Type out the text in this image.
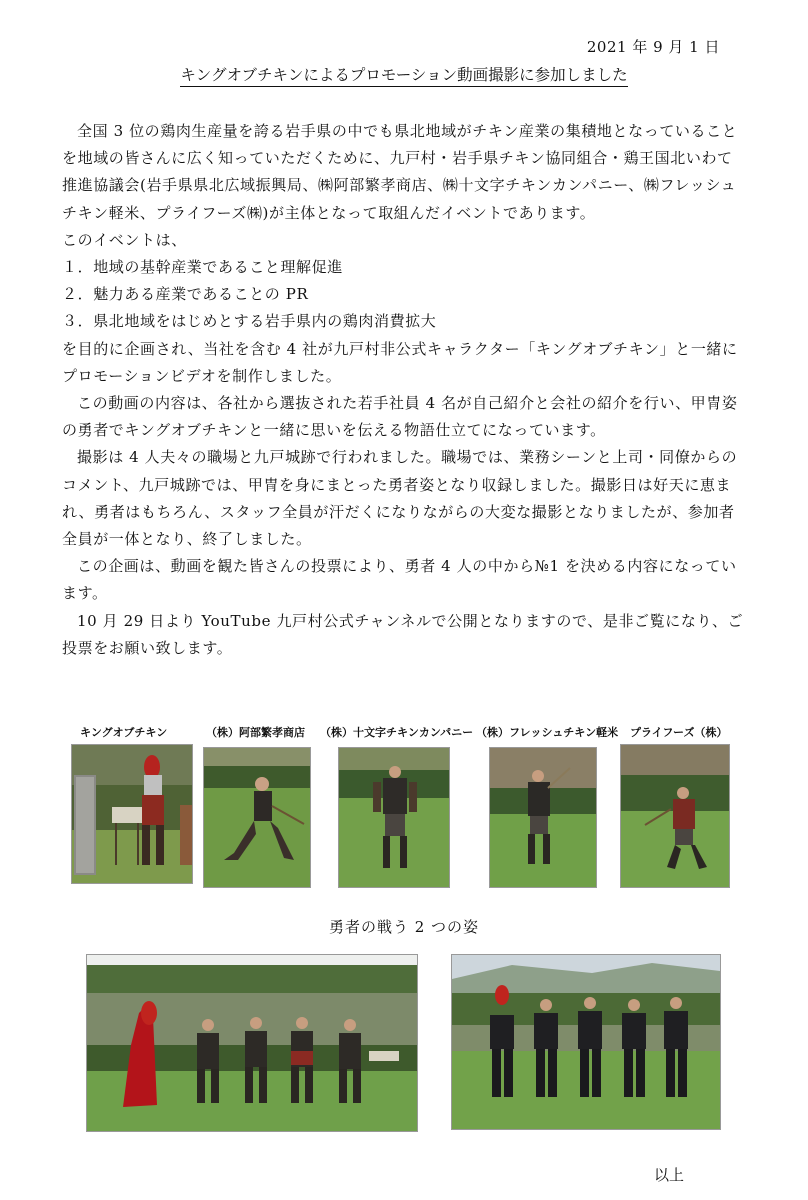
2021 年 9 月 1 日
キングオブチキンによるプロモーション動画撮影に参加しました

全国 3 位の鶏肉生産量を誇る岩手県の中でも県北地域がチキン産業の集積地となっていることを地域の皆さんに広く知っていただくために、九戸村・岩手県チキン協同組合・鶏王国北いわて推進協議会(岩手県県北広域振興局、㈱阿部繁孝商店、㈱十文字チキンカンパニー、㈱フレッシュチキン軽米、プライフーズ㈱)が主体となって取組んだイベントであります。

このイベントは、

１．地域の基幹産業であること理解促進

２．魅力ある産業であることの PR

３．県北地域をはじめとする岩手県内の鶏肉消費拡大

を目的に企画され、当社を含む 4 社が九戸村非公式キャラクター「キングオブチキン」と一緒にプロモーションビデオを制作しました。

この動画の内容は、各社から選抜された若手社員 4 名が自己紹介と会社の紹介を行い、甲冑姿の勇者でキングオブチキンと一緒に思いを伝える物語仕立てになっています。

撮影は 4 人夫々の職場と九戸城跡で行われました。職場では、業務シーンと上司・同僚からのコメント、九戸城跡では、甲冑を身にまとった勇者姿となり収録しました。撮影日は好天に恵まれ、勇者はもちろん、スタッフ全員が汗だくになりながらの大変な撮影となりましたが、参加者全員が一体となり、終了しました。

この企画は、動画を観た皆さんの投票により、勇者 4 人の中から№1 を決める内容になっています。

10 月 29 日より YouTube 九戸村公式チャンネルで公開となりますので、是非ご覧になり、ご投票をお願い致します。

キングオブチキン	（株）阿部繁孝商店 （株）十文字チキンカンパニー （株）フレッシュチキン軽米 プライフーズ（株）
勇者の戦う 2 つの姿
以上
